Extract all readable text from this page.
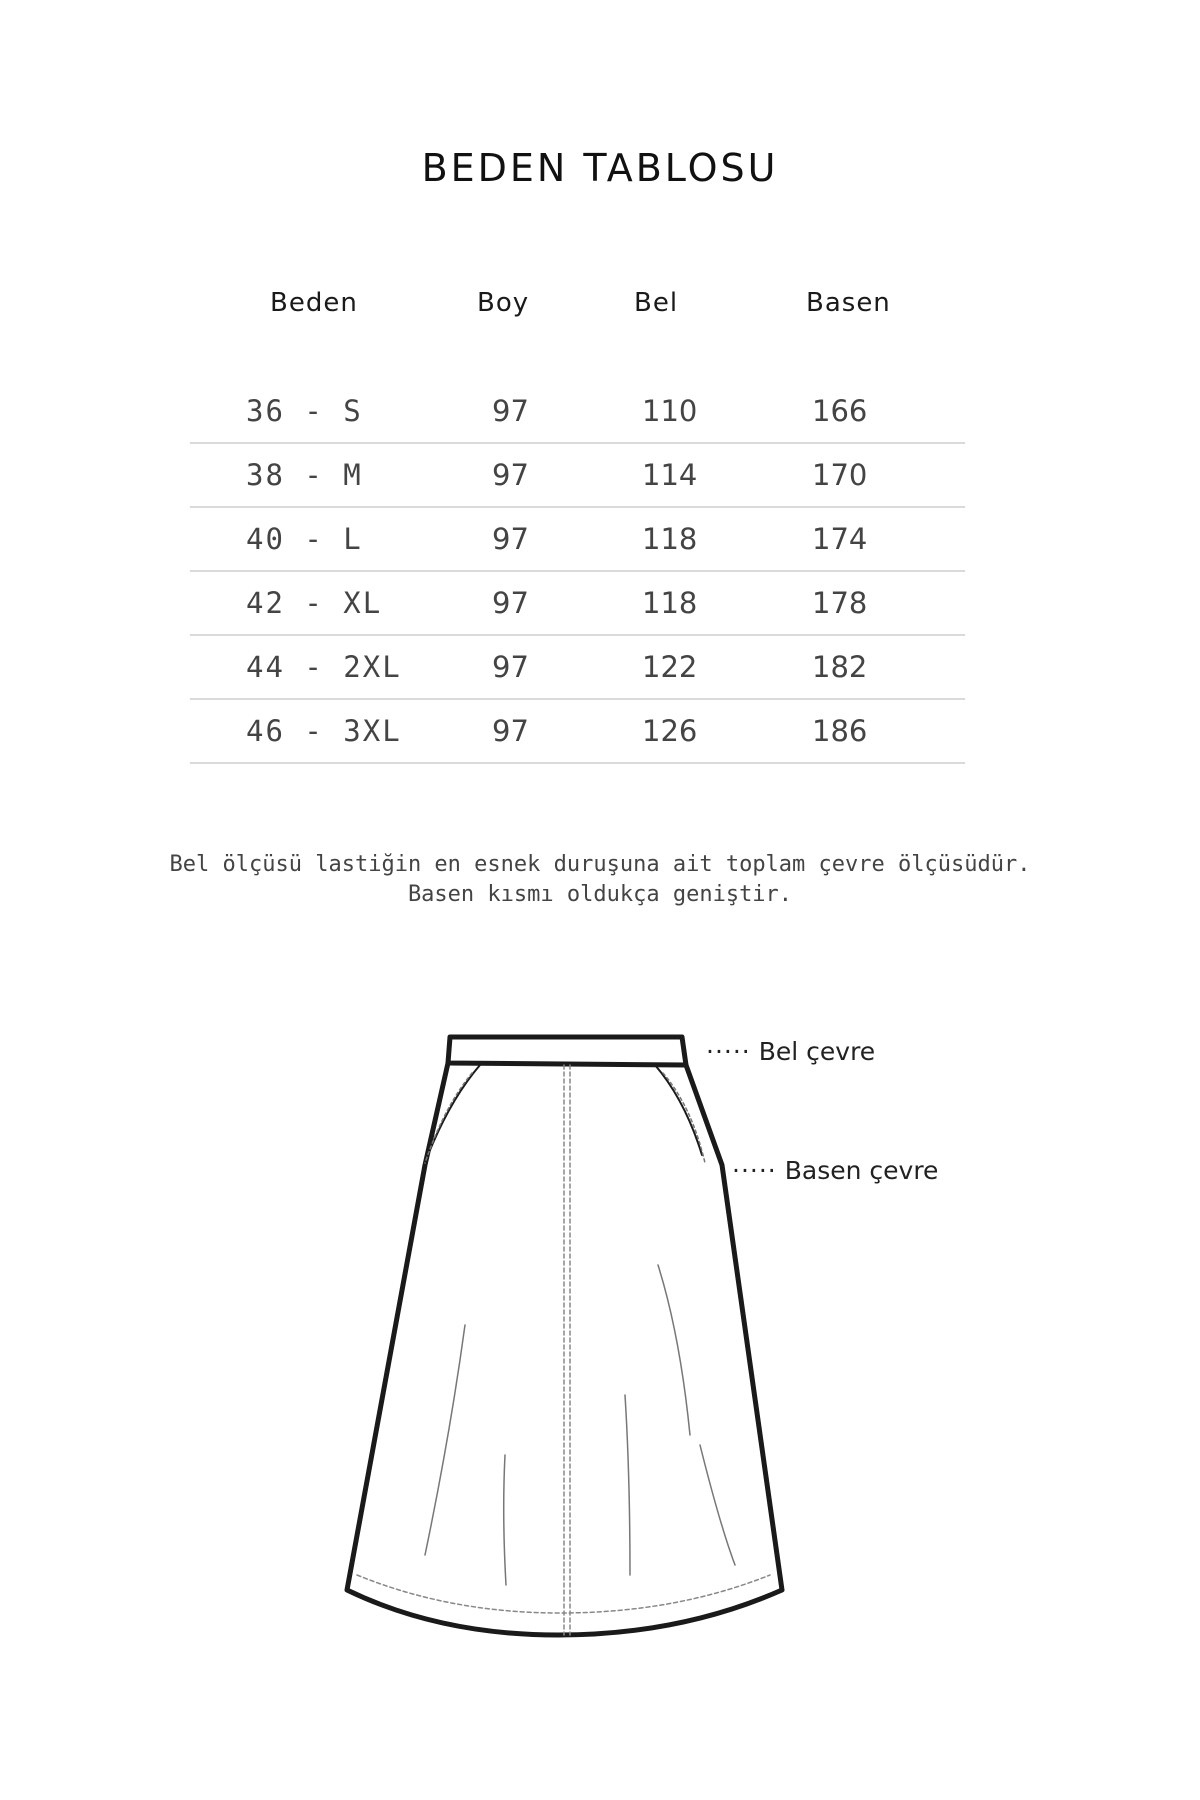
BEDEN TABLOSU
Beden	Boy	Bel	Basen
36 - S	97	110	166
38 - M	97	114	170
40 - L	97	118	174
42 - XL	97	118	178
44 - 2XL	97	122	182
46 - 3XL	97	126	186
Bel ölçüsü lastiğin en esnek duruşuna ait toplam çevre ölçüsüdür.
Basen kısmı oldukça geniştir.
····· Bel çevre
····· Basen çevre
